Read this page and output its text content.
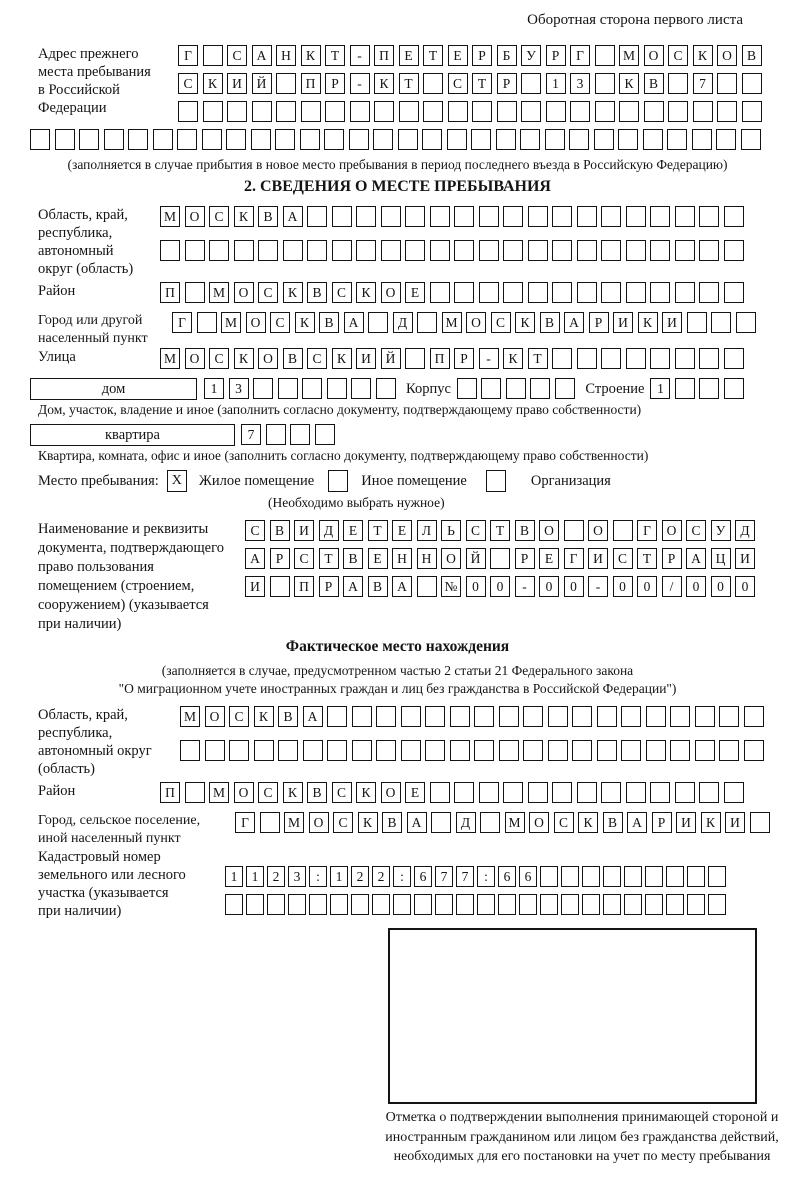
Оборотная сторона первого листа
Адрес прежнего
места пребывания
в Российской
Федерации
Г	С	А	Н	К	Т	-	П	Е	Т	Е	Р	Б	У	Р	Г	М	О	С	К	О	В
С	К	И	Й	П	Р	-	К	Т	С	Т	Р	1	3	К	В	7
(заполняется в случае прибытия в новое место пребывания в период последнего въезда в Российскую Федерацию)
2. СВЕДЕНИЯ О МЕСТЕ ПРЕБЫВАНИЯ
Область, край,
республика,
автономный
округ (область)
М	О	С	К	В	А
Район	П	М	О	С	К	В	С	К	О	Е
Город или другой
населенный пункт
Г	М	О	С	К	В	А	Д	М	О	С	К	В	А	Р	И	К	И
Улица	М	О	С	К	О	В	С	К	И	Й	П	Р	-	К	Т
дом	1	3	Корпус	Строение 1
Дом, участок, владение и иное (заполнить согласно документу, подтверждающему право собственности)
квартира	7
Квартира, комната, офис и иное (заполнить согласно документу, подтверждающему право собственности)
Место пребывания: X	Жилое помещение	Иное помещение	Организация
(Необходимо выбрать нужное)
Наименование и реквизиты
документа, подтверждающего
право пользования
помещением (строением,
сооружением) (указывается
при наличии)
С	В	И	Д	Е	Т	Е	Л	Ь	С	Т	В	О	О	Г	О	С	У	Д
А	Р	С	Т	В	Е	Н	Н	О	Й	Р	Е	Г	И	С	Т	Р	А	Ц	И
И	П	Р	А	В	А	№	0	0	-	0	0	-	0	0	/	0	0	0
Фактическое место нахождения
(заполняется в случае, предусмотренном частью 2 статьи 21 Федерального закона
"О миграционном учете иностранных граждан и лиц без гражданства в Российской Федерации")
Область, край,
республика,
автономный округ
(область)
М	О	С	К	В	А
Район	П	М	О	С	К	В	С	К	О	Е
Город, сельское поселение,
иной населенный пункт
Г	М	О	С	К	В	А	Д	М	О	С	К	В	А	Р	И	К	И
Кадастровый номер
земельного или лесного
участка (указывается
при наличии)
1	1	2	3	:	1	2	2	:	6	7	7	:	6	6
Отметка о подтверждении выполнения принимающей стороной и иностранным гражданином или лицом без гражданства действий, необходимых для его постановки на учет по месту пребывания
